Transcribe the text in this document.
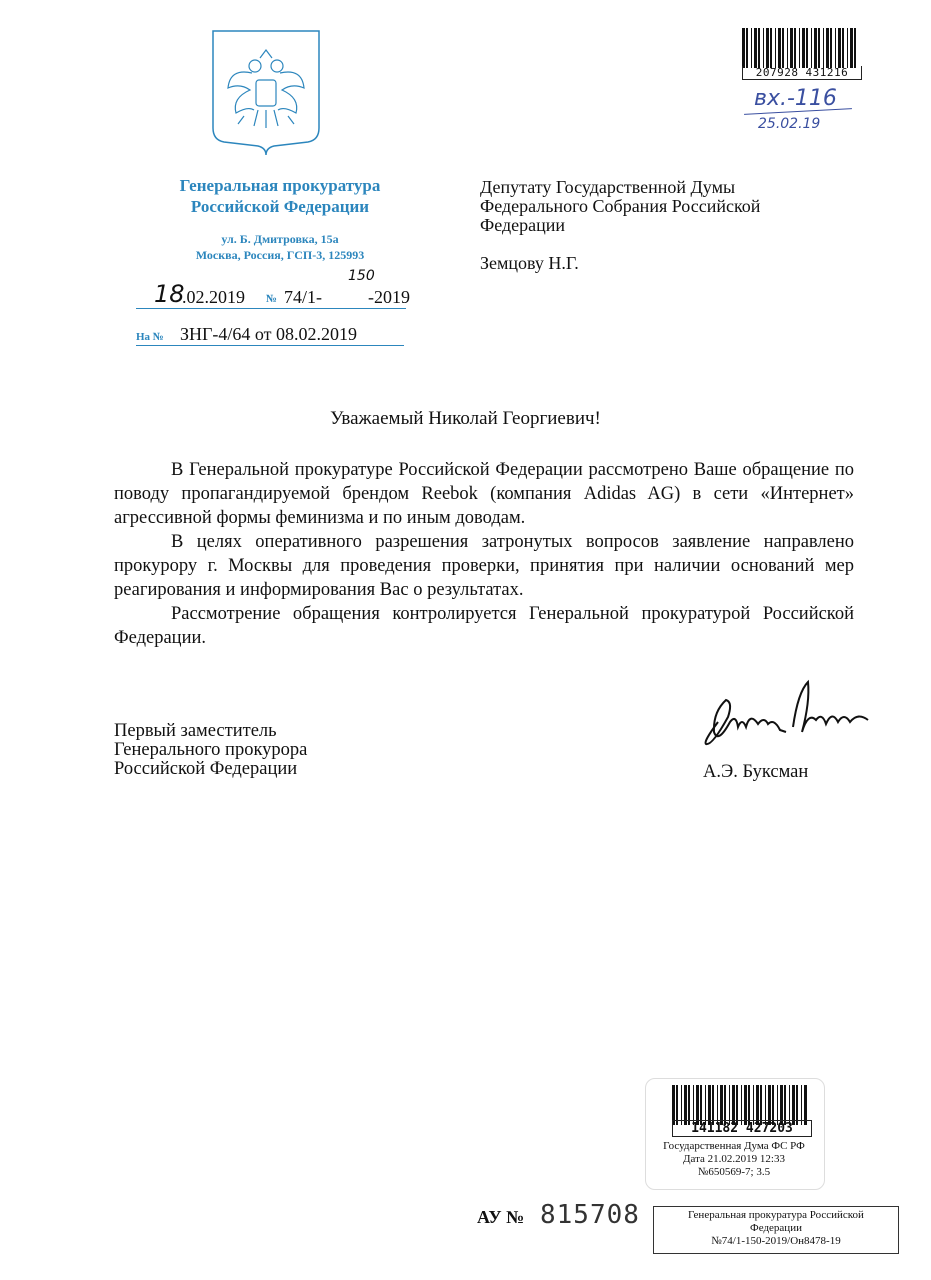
Генеральная прокуратура
Российской Федерации
ул. Б. Дмитровка, 15а
Москва, Россия, ГСП-3, 125993
18
.02.2019 № 74/1-
150
-2019
На № ЗНГ-4/64 от 08.02.2019
Депутату Государственной Думы
Федерального Собрания Российской
Федерации
Земцову Н.Г.
207928 431216
вх.-116
25.02.19
Уважаемый Николай Георгиевич!

В Генеральной прокуратуре Российской Федерации рассмотрено Ваше обращение по поводу пропагандируемой брендом Reebok (компания Adidas AG) в сети «Интернет» агрессивной формы феминизма и по иным доводам.

В целях оперативного разрешения затронутых вопросов заявление направлено прокурору г. Москвы для проведения проверки, принятия при наличии оснований мер реагирования и информирования Вас о результатах.

Рассмотрение обращения контролируется Генеральной прокуратурой Российской Федерации.

Первый заместитель
Генерального прокурора
Российской Федерации	А.Э. Буксман
141182 427203
Государственная Дума ФС РФ
Дата 21.02.2019 12:33
№650569-7; 3.5
АУ № 815708	Генеральная прокуратура Российской
Федерации
№74/1-150-2019/Он8478-19
